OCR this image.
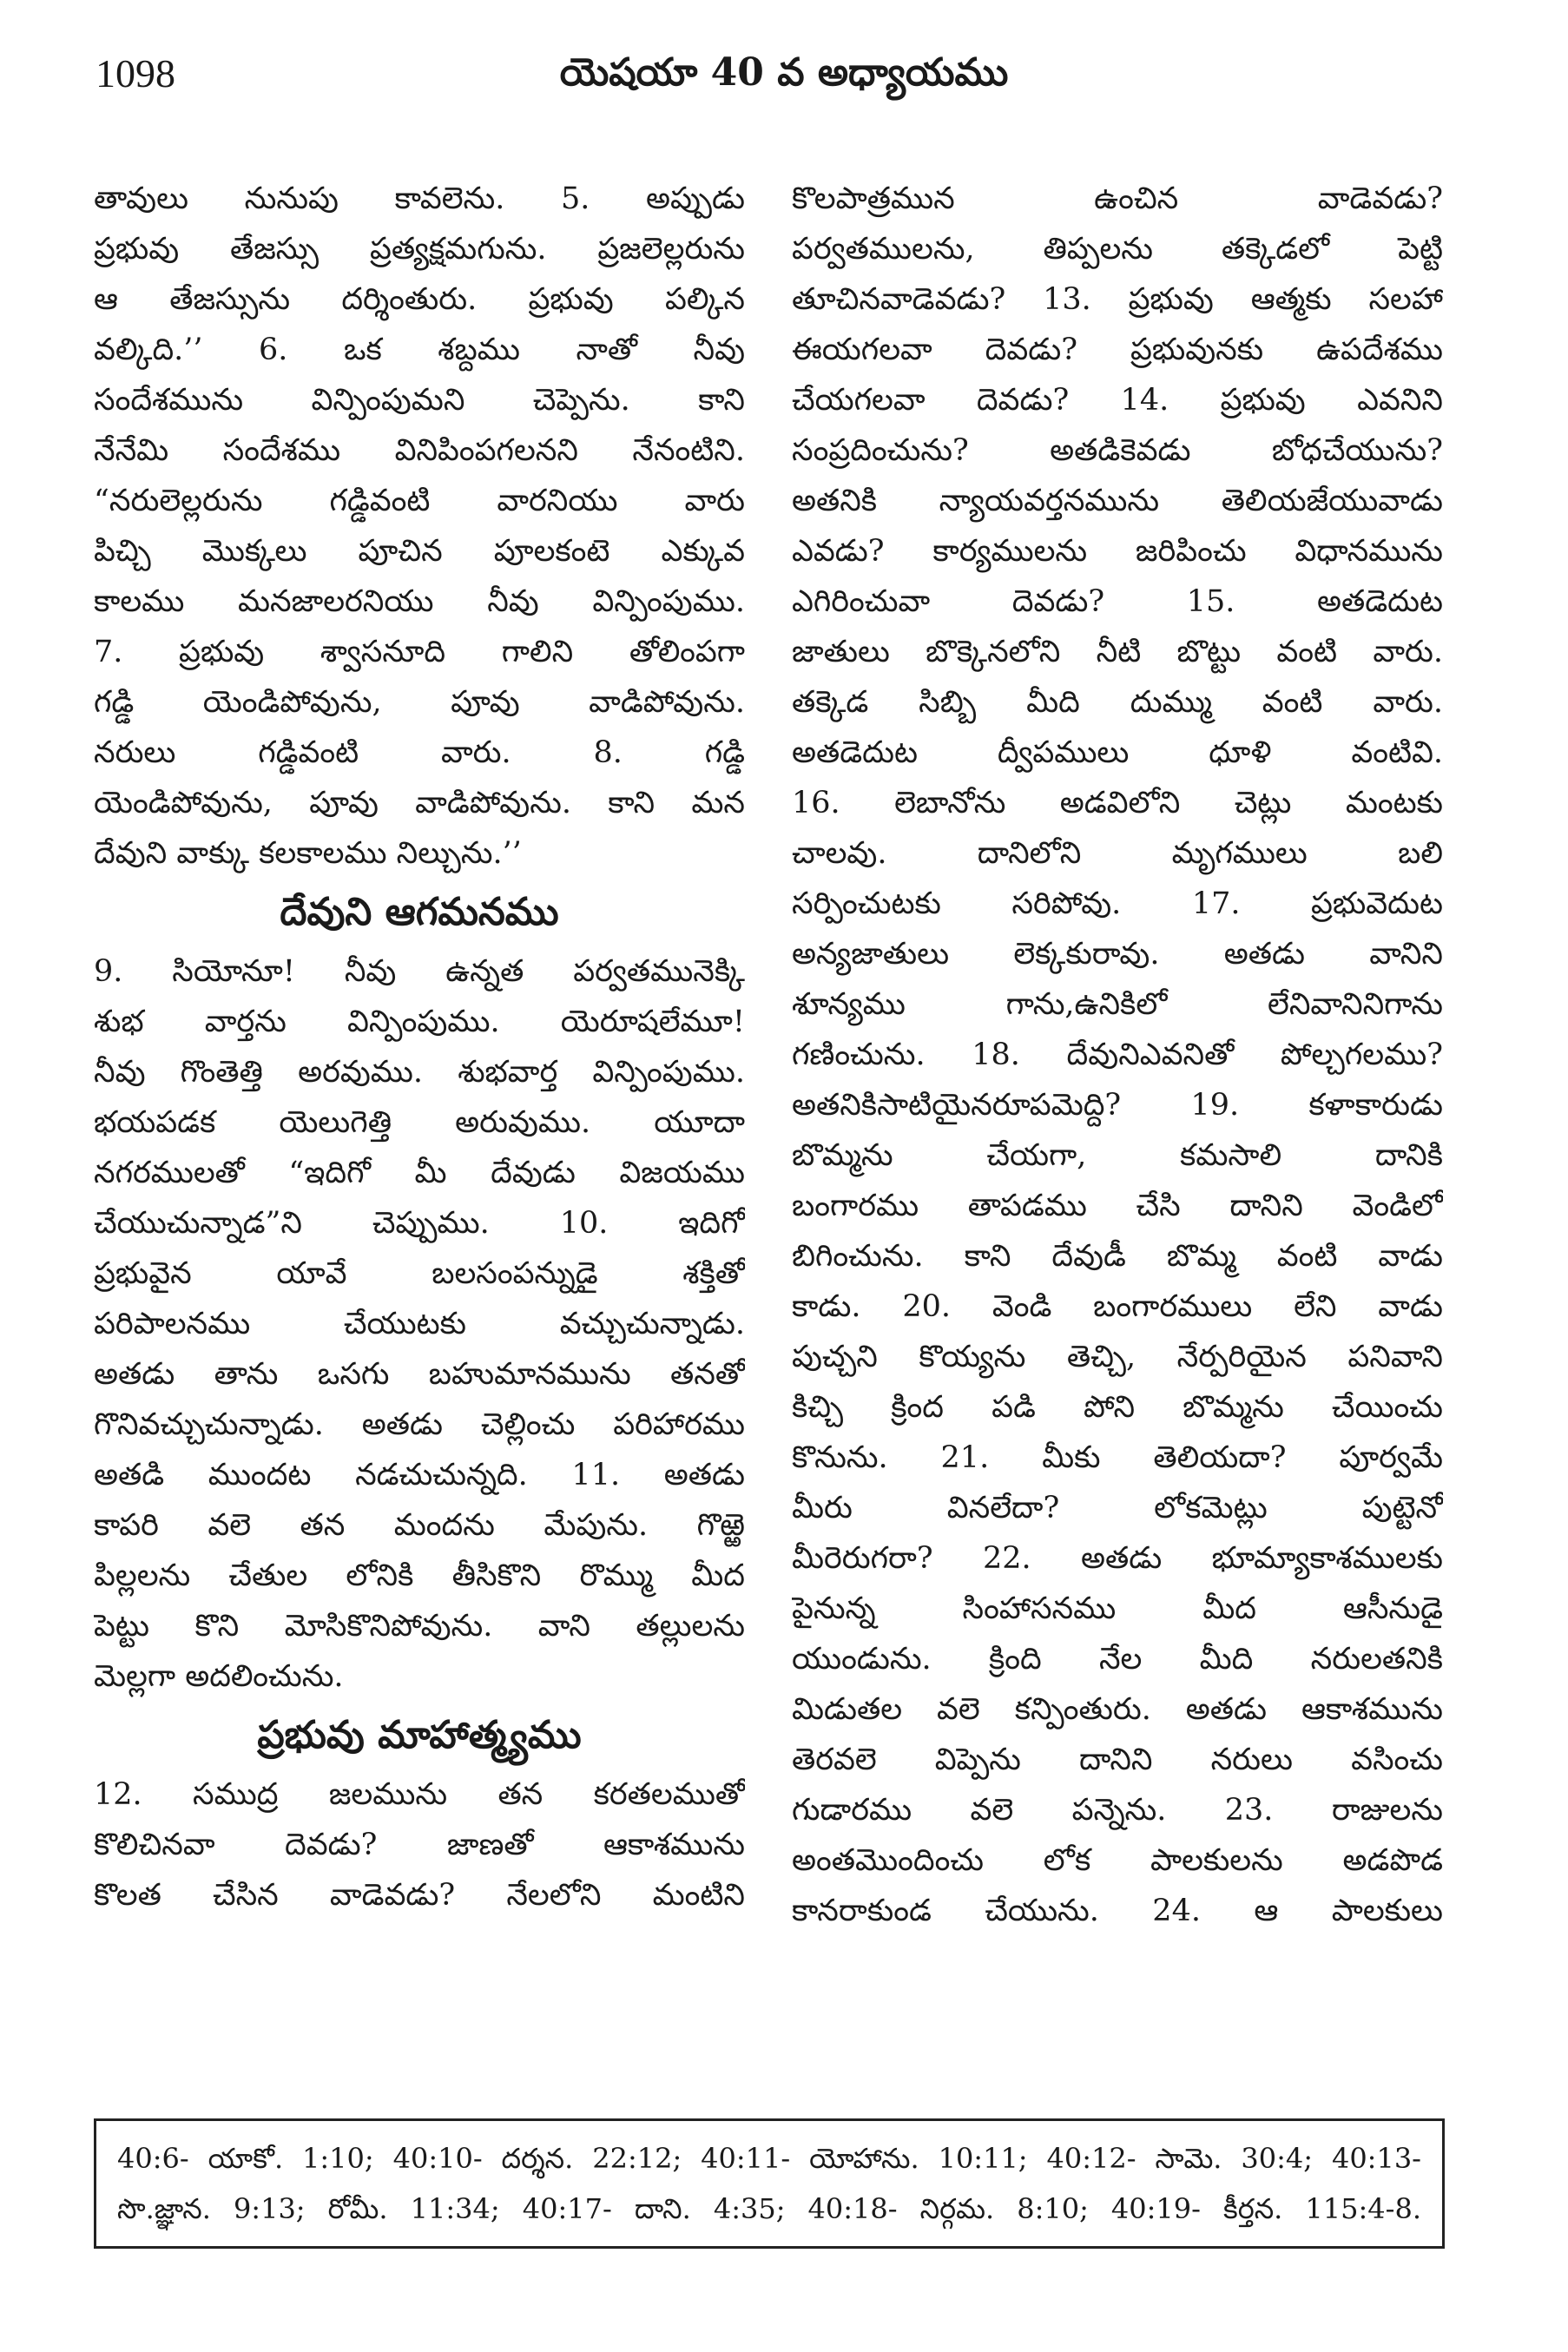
1098	యెషయా 40 వ అధ్యాయము
తావులు నునుపు కావలెను. 5. అప్పుడు
ప్రభువు తేజస్సు ప్రత్యక్షమగును. ప్రజలెల్లరును
ఆ తేజస్సును దర్శింతురు. ప్రభువు పల్కిన
వల్కిది.’’ 6. ఒక శబ్దము నాతో నీవు
సందేశమును విన్పింపుమని చెప్పెను. కాని
నేనేమి సందేశము వినిపింపగలనని నేనంటిని.
“నరులెల్లరును గడ్డివంటి వారనియు వారు
పిచ్చి మొక్కలు పూచిన పూలకంటె ఎక్కువ
కాలము మనజాలరనియు నీవు విన్పింపుము.
7. ప్రభువు శ్వాసనూది గాలిని తోలింపగా
గడ్డి యెండిపోవును, పూవు వాడిపోవును.
నరులు గడ్డివంటి వారు. 8. గడ్డి
యెండిపోవును, పూవు వాడిపోవును. కాని మన
దేవుని వాక్కు కలకాలము నిల్చును.’’
దేవుని ఆగమనము
9. సియోనూ! నీవు ఉన్నత పర్వతమునెక్కి
శుభ వార్తను విన్పింపుము. యెరూషలేమూ!
నీవు గొంతెత్తి అరవుము. శుభవార్త విన్పింపుము.
భయపడక యెలుగెత్తి అరువుము. యూదా
నగరములతో “ఇదిగో మీ దేవుడు విజయము
చేయుచున్నాడ”ని చెప్పుము. 10. ఇదిగో
ప్రభువైన యావే బలసంపన్నుడై శక్తితో
పరిపాలనము చేయుటకు వచ్చుచున్నాడు.
అతడు తాను ఒసగు బహుమానమును తనతో
గొనివచ్చుచున్నాడు. అతడు చెల్లించు పరిహారము
అతడి ముందట నడచుచున్నది. 11. అతడు
కాపరి వలె తన మందను మేపును. గొఱ్ఱె
పిల్లలను చేతుల లోనికి తీసికొని రొమ్ము మీద
పెట్టు కొని మోసికొనిపోవును. వాని తల్లులను
మెల్లగా అదలించును.
ప్రభువు మాహాత్మ్యము
12. సముద్ర జలమును తన కరతలముతో
కొలిచినవా దెవడు? జాణతో ఆకాశమును
కొలత చేసిన వాడెవడు? నేలలోని మంటిని
కొలపాత్రమున ఉంచిన వాడెవడు?
పర్వతములను, తిప్పలను తక్కెడలో పెట్టి
తూచినవాడెవడు? 13. ప్రభువు ఆత్మకు సలహా
ఈయగలవా దెవడు? ప్రభువునకు ఉపదేశము
చేయగలవా దెవడు? 14. ప్రభువు ఎవనిని
సంప్రదించును? అతడికెవడు బోధచేయును?
అతనికి న్యాయవర్తనమును తెలియజేయువాడు
ఎవడు? కార్యములను జరిపించు విధానమును
ఎగిరించువా దెవడు? 15. అతడెదుట
జాతులు బొక్కెనలోని నీటి బొట్టు వంటి వారు.
తక్కెడ సిబ్బి మీది దుమ్ము వంటి వారు.
అతడెదుట ద్వీపములు ధూళి వంటివి.
16. లెబానోను అడవిలోని చెట్లు మంటకు
చాలవు. దానిలోని మృగములు బలి
సర్పించుటకు సరిపోవు. 17. ప్రభువెదుట
అన్యజాతులు లెక్కకురావు. అతడు వానిని
శూన్యము గాను,ఉనికిలో లేనివానినిగాను
గణించును. 18. దేవునిఎవనితో పోల్చగలము?
అతనికిసాటియైనరూపమెద్ది? 19. కళాకారుడు
బొమ్మను చేయగా, కమసాలి దానికి
బంగారము తాపడము చేసి దానిని వెండిలో
బిగించును. కాని దేవుడీ బొమ్మ వంటి వాడు
కాడు. 20. వెండి బంగారములు లేని వాడు
పుచ్చని కొయ్యను తెచ్చి, నేర్పరియైన పనివాని
కిచ్చి క్రింద పడి పోని బొమ్మను చేయించు
కొనును. 21. మీకు తెలియదా? పూర్వమే
మీరు వినలేదా? లోకమెట్లు పుట్టెనో
మీరెరుగరా? 22. అతడు భూమ్యాకాశములకు
పైనున్న సింహాసనము మీద ఆసీనుడై
యుండును. క్రింది నేల మీది నరులతనికి
మిడుతల వలె కన్పింతురు. అతడు ఆకాశమును
తెరవలె విప్పెను దానిని నరులు వసించు
గుడారము వలె పన్నెను. 23. రాజులను
అంతమొందించు లోక పాలకులను అడపొడ
కానరాకుండ చేయును. 24. ఆ పాలకులు
40:6- యాకో. 1:10; 40:10- దర్శన. 22:12; 40:11- యోహాను. 10:11; 40:12- సామె. 30:4; 40:13-
సొ.జ్ఞాన. 9:13; రోమీ. 11:34; 40:17- దాని. 4:35; 40:18- నిర్గమ. 8:10; 40:19- కీర్తన. 115:4-8.
